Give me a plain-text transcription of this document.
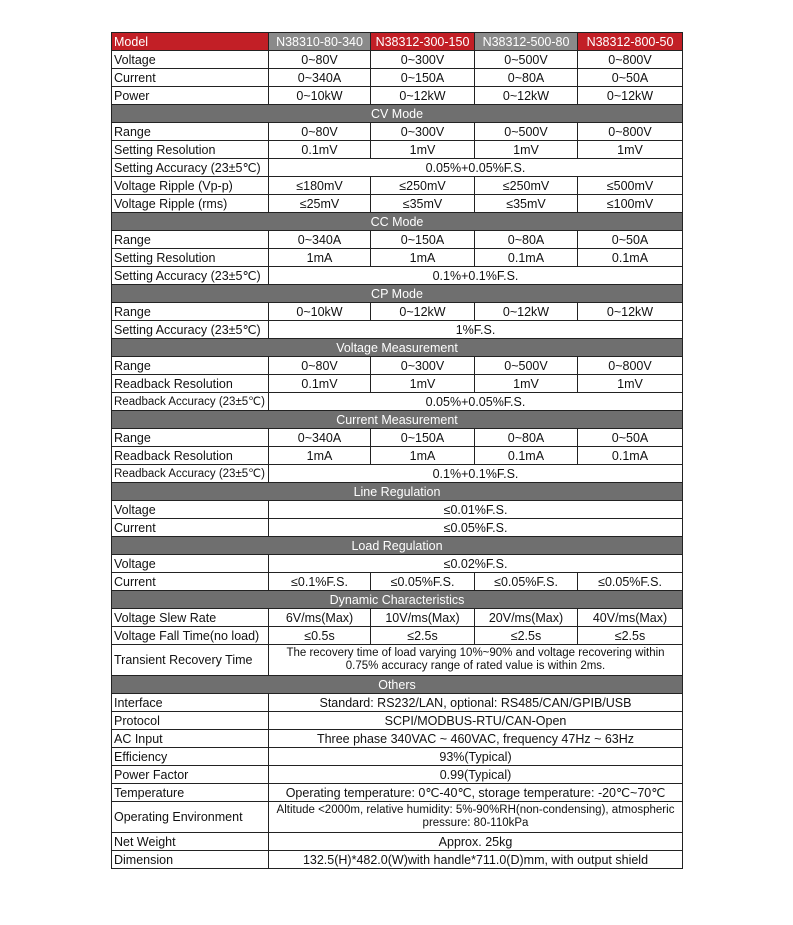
Model	N38310-80-340	N38312-300-150	N38312-500-80	N38312-800-50
Voltage	0~80V	0~300V	0~500V	0~800V
Current	0~340A	0~150A	0~80A	0~50A
Power	0~10kW	0~12kW	0~12kW	0~12kW
CV Mode				
Range	0~80V	0~300V	0~500V	0~800V
Setting Resolution	0.1mV	1mV	1mV	1mV
Setting Accuracy (23±5℃)	0.05%+0.05%F.S.			
Voltage Ripple (Vp-p)	≤180mV	≤250mV	≤250mV	≤500mV
Voltage Ripple (rms)	≤25mV	≤35mV	≤35mV	≤100mV
CC Mode				
Range	0~340A	0~150A	0~80A	0~50A
Setting Resolution	1mA	1mA	0.1mA	0.1mA
Setting Accuracy (23±5℃)	0.1%+0.1%F.S.			
CP Mode				
Range	0~10kW	0~12kW	0~12kW	0~12kW
Setting Accuracy (23±5℃)	1%F.S.			
Voltage Measurement				
Range	0~80V	0~300V	0~500V	0~800V
Readback Resolution	0.1mV	1mV	1mV	1mV
Readback Accuracy (23±5℃)	0.05%+0.05%F.S.			
Current Measurement				
Range	0~340A	0~150A	0~80A	0~50A
Readback Resolution	1mA	1mA	0.1mA	0.1mA
Readback Accuracy (23±5℃)	0.1%+0.1%F.S.			
Line Regulation				
Voltage	≤0.01%F.S.			
Current	≤0.05%F.S.			
Load Regulation				
Voltage	≤0.02%F.S.			
Current	≤0.1%F.S.	≤0.05%F.S.	≤0.05%F.S.	≤0.05%F.S.
Dynamic Characteristics				
Voltage Slew Rate	6V/ms(Max)	10V/ms(Max)	20V/ms(Max)	40V/ms(Max)
Voltage Fall Time(no load)	≤0.5s	≤2.5s	≤2.5s	≤2.5s
Transient Recovery Time	The recovery time of load varying 10%~90% and voltage recovering within 0.75% accuracy range of rated value is within 2ms.			
Others				
Interface	Standard: RS232/LAN, optional: RS485/CAN/GPIB/USB			
Protocol	SCPI/MODBUS-RTU/CAN-Open			
AC Input	Three phase 340VAC ~ 460VAC, frequency 47Hz ~ 63Hz			
Efficiency	93%(Typical)			
Power Factor	0.99(Typical)			
Temperature	Operating temperature: 0℃-40℃, storage temperature: -20℃~70℃			
Operating Environment	Altitude <2000m, relative humidity: 5%-90%RH(non-condensing), atmospheric pressure: 80-110kPa			
Net Weight	Approx. 25kg			
Dimension	132.5(H)*482.0(W)with handle*711.0(D)mm, with output shield			
